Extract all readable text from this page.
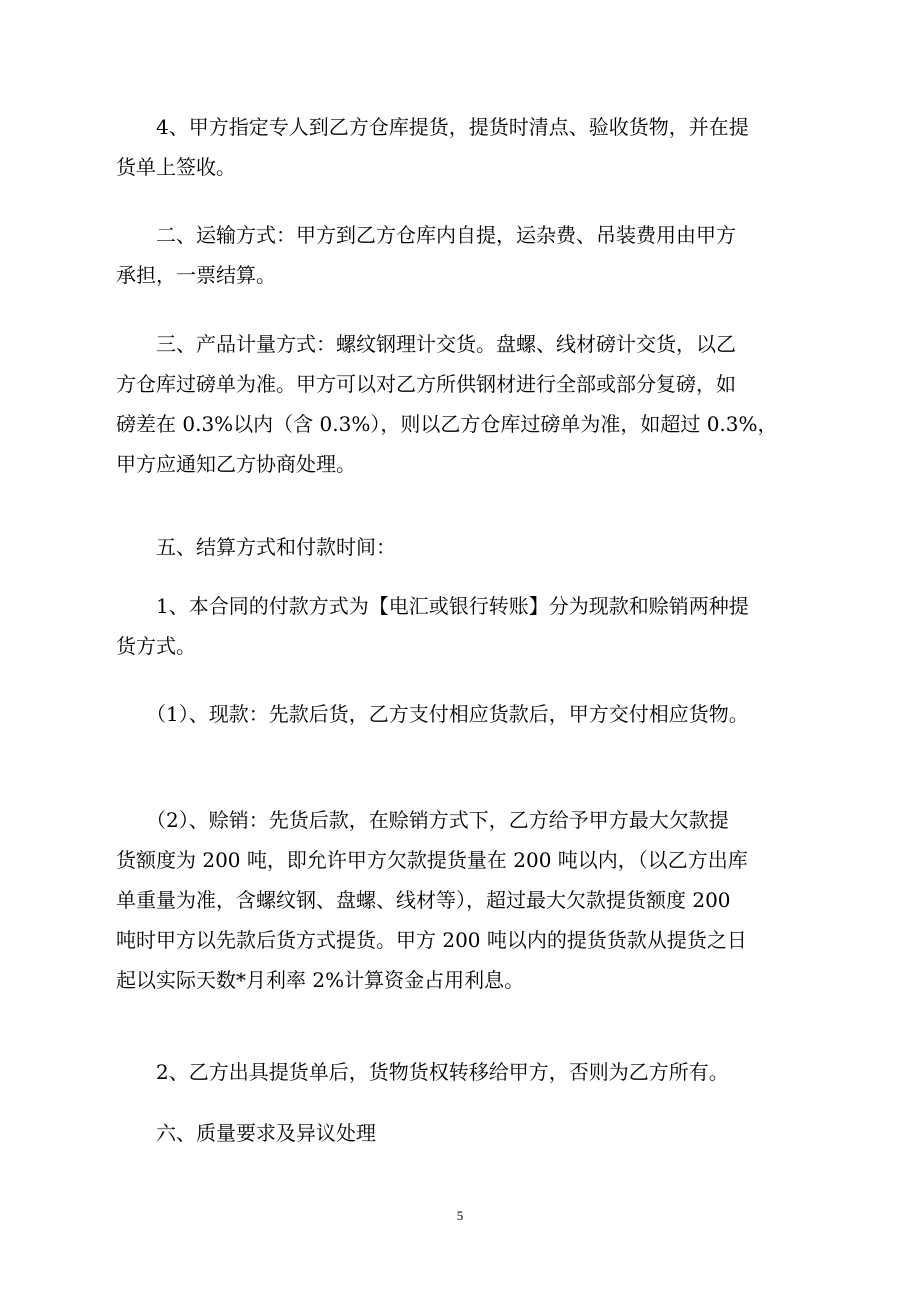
　　4、甲方指定专人到乙方仓库提货，提货时清点、验收货物，并在提
货单上签收。
　　二、运输方式：甲方到乙方仓库内自提，运杂费、吊装费用由甲方
承担，一票结算。
　　三、产品计量方式：螺纹钢理计交货。盘螺、线材磅计交货，以乙
方仓库过磅单为准。甲方可以对乙方所供钢材进行全部或部分复磅，如
磅差在 0.3%以内（含 0.3%），则以乙方仓库过磅单为准，如超过 0.3%，
甲方应通知乙方协商处理。
　　五、结算方式和付款时间：
　　1、本合同的付款方式为【电汇或银行转账】分为现款和赊销两种提
货方式。
　　（1）、现款：先款后货，乙方支付相应货款后，甲方交付相应货物。
　　（2）、赊销：先货后款，在赊销方式下，乙方给予甲方最大欠款提
货额度为 200 吨，即允许甲方欠款提货量在 200 吨以内，（以乙方出库
单重量为准，含螺纹钢、盘螺、线材等），超过最大欠款提货额度 200
吨时甲方以先款后货方式提货。甲方 200 吨以内的提货货款从提货之日
起以实际天数*月利率 2%计算资金占用利息。
　　2、乙方出具提货单后，货物货权转移给甲方，否则为乙方所有。
　　六、质量要求及异议处理
5
